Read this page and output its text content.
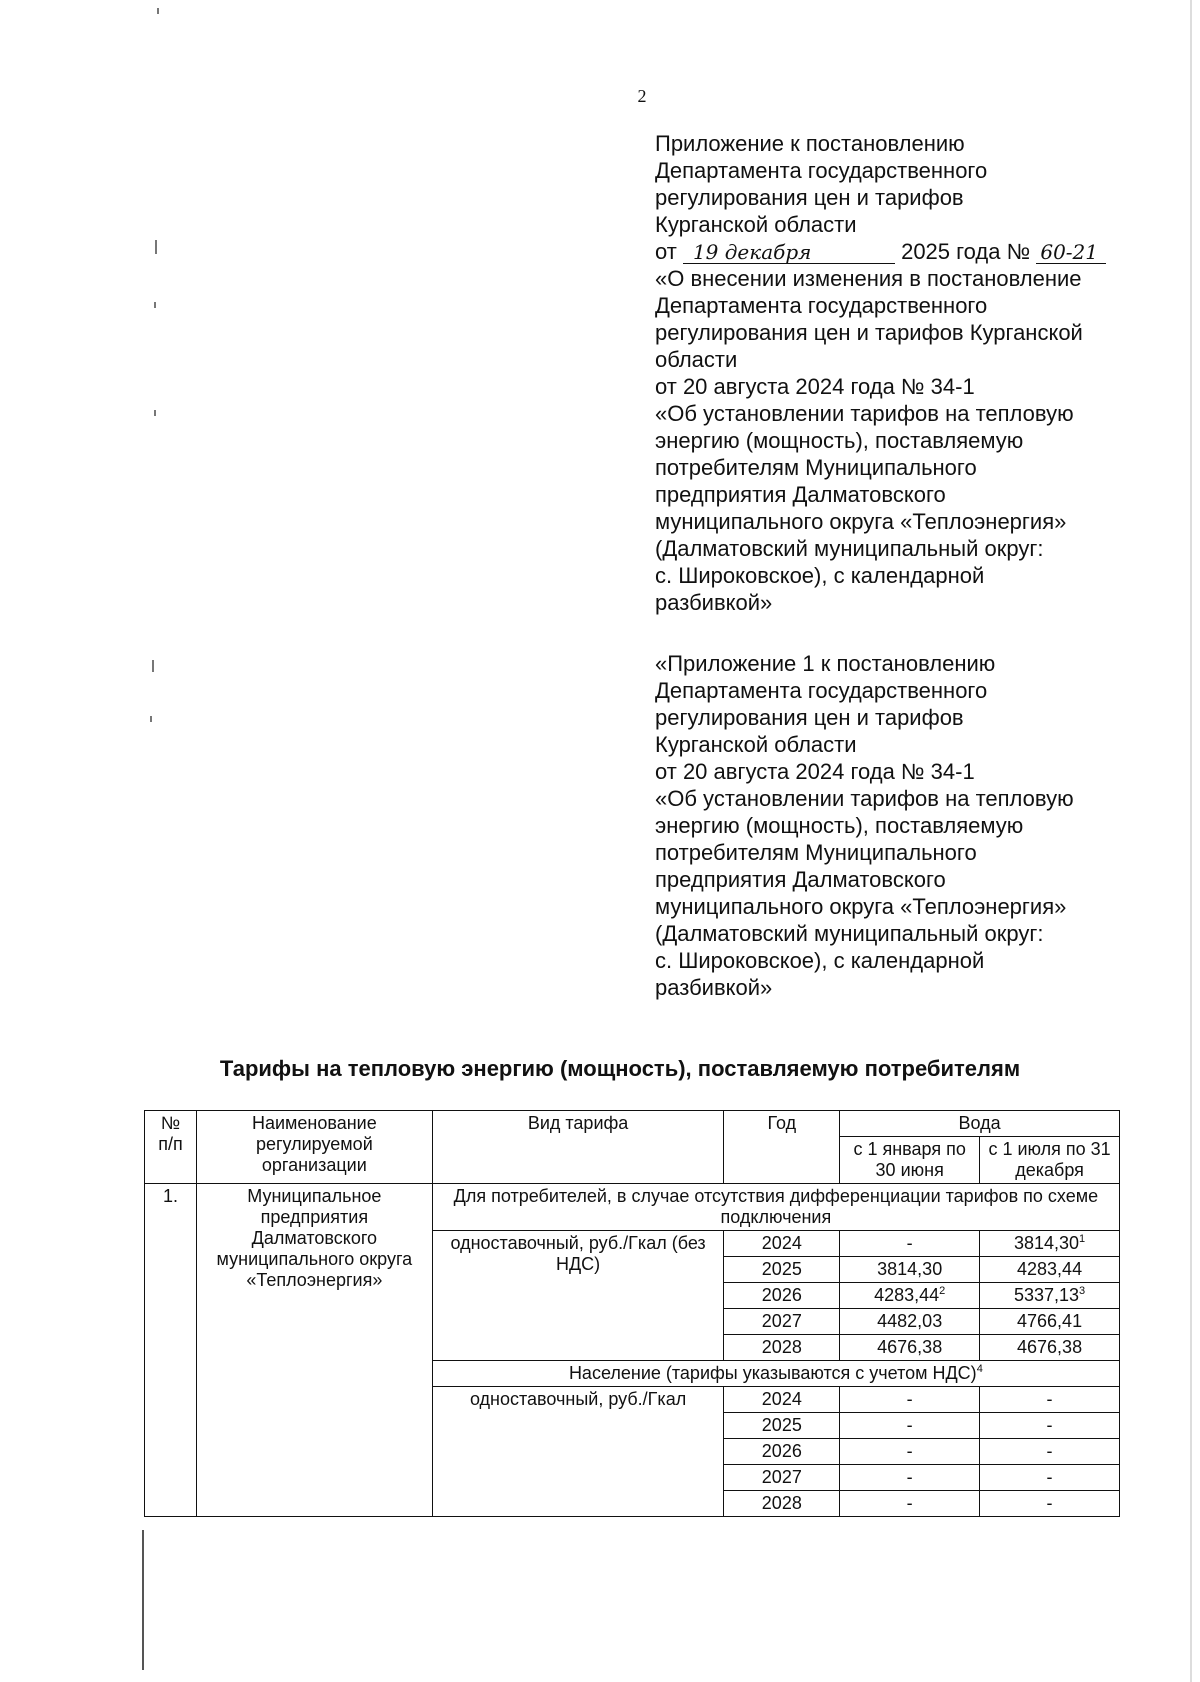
2
Приложение к постановлению
Департамента государственного
регулирования цен и тарифов
Курганской области
от 19 декабря	2025 года № 60-21
«О внесении изменения в постановление
Департамента государственного
регулирования цен и тарифов Курганской
области
от 20 августа 2024 года № 34-1
«Об установлении тарифов на тепловую
энергию (мощность), поставляемую
потребителям Муниципального
предприятия Далматовского
муниципального округа «Теплоэнергия»
(Далматовский муниципальный округ:
с. Широковское), с календарной
разбивкой»
«Приложение 1 к постановлению
Департамента государственного
регулирования цен и тарифов
Курганской области
от 20 августа 2024 года № 34-1
«Об установлении тарифов на тепловую
энергию (мощность), поставляемую
потребителям Муниципального
предприятия Далматовского
муниципального округа «Теплоэнергия»
(Далматовский муниципальный округ:
с. Широковское), с календарной
разбивкой»
Тарифы на тепловую энергию (мощность), поставляемую потребителям
№ п/п	Наименование регулируемой организации	Вид тарифа	Год	Вода	
				с 1 января по 30 июня	с 1 июля по 31 декабря
1.	Муниципальное предприятия Далматовского муниципального округа «Теплоэнергия»	Для потребителей, в случае отсутствия дифференциации тарифов по схеме подключения			
		одноставочный, руб./Гкал (без НДС)	2024	-	3814,30$^1$
			2025	3814,30	4283,44
			2026	4283,44$^2$	5337,13$^3$
			2027	4482,03	4766,41
			2028	4676,38	4676,38
		Население (тарифы указываются с учетом НДС)$^4$
		одноставочный, руб./Гкал	2024	-	-
			2025	-	-
			2026	-	-
			2027	-	-
			2028	-	-
